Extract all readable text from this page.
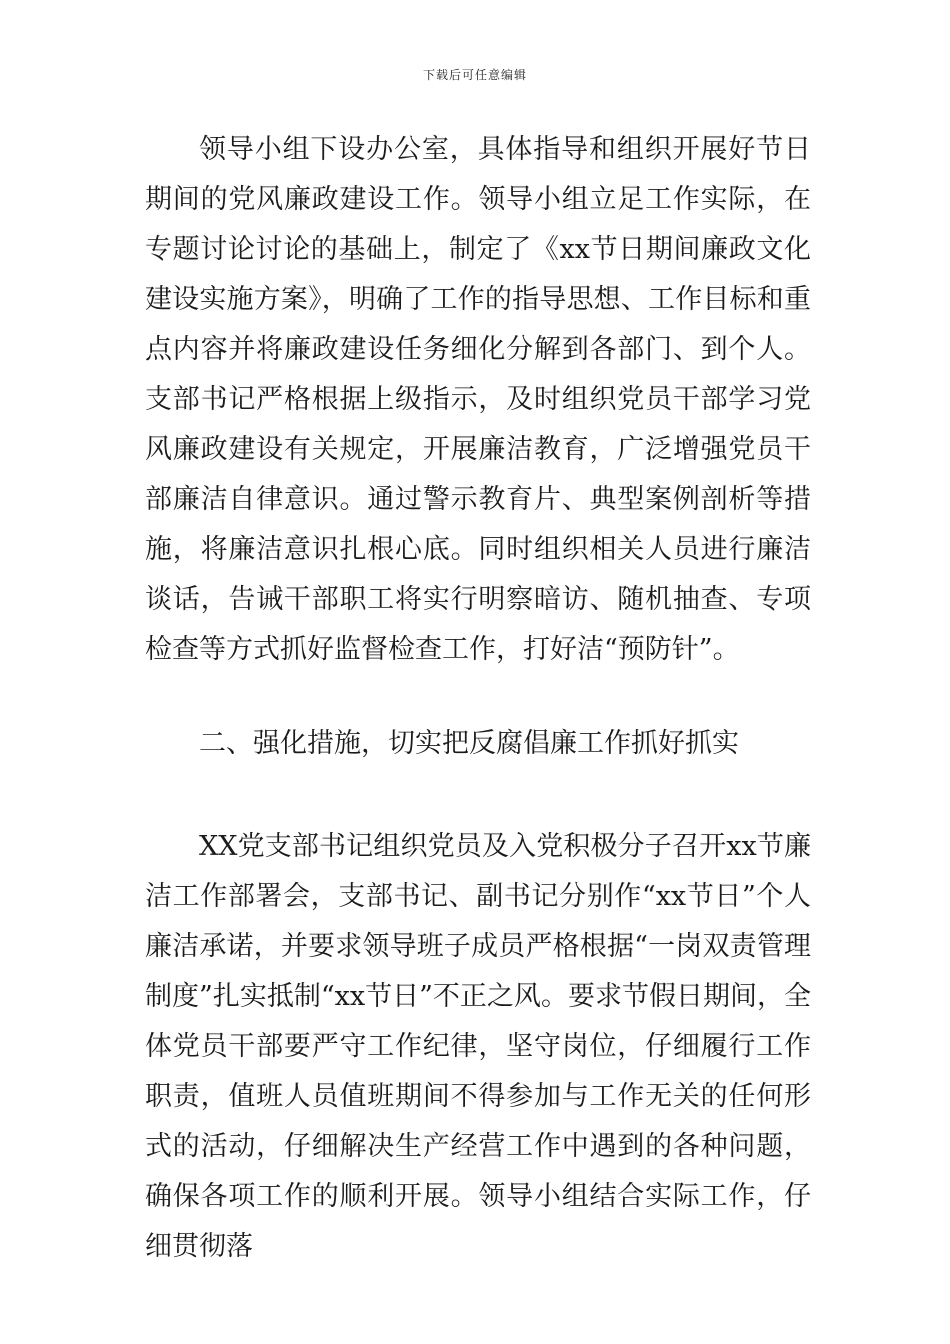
下载后可任意编辑

领导小组下设办公室，具体指导和组织开展好节日期间的党风廉政建设工作。领导小组立足工作实际，在专题讨论讨论的基础上，制定了《xx节日期间廉政文化建设实施方案》，明确了工作的指导思想、工作目标和重点内容并将廉政建设任务细化分解到各部门、到个人。支部书记严格根据上级指示，及时组织党员干部学习党风廉政建设有关规定，开展廉洁教育，广泛增强党员干部廉洁自律意识。通过警示教育片、典型案例剖析等措施，将廉洁意识扎根心底。同时组织相关人员进行廉洁谈话，告诫干部职工将实行明察暗访、随机抽查、专项检查等方式抓好监督检查工作，打好洁“预防针”。

二、强化措施，切实把反腐倡廉工作抓好抓实

XX党支部书记组织党员及入党积极分子召开xx节廉洁工作部署会，支部书记、副书记分别作“xx节日”个人廉洁承诺，并要求领导班子成员严格根据“一岗双责管理制度”扎实抵制“xx节日”不正之风。要求节假日期间，全体党员干部要严守工作纪律，坚守岗位，仔细履行工作职责，值班人员值班期间不得参加与工作无关的任何形式的活动，仔细解决生产经营工作中遇到的各种问题，确保各项工作的顺利开展。领导小组结合实际工作，仔细贯彻落
